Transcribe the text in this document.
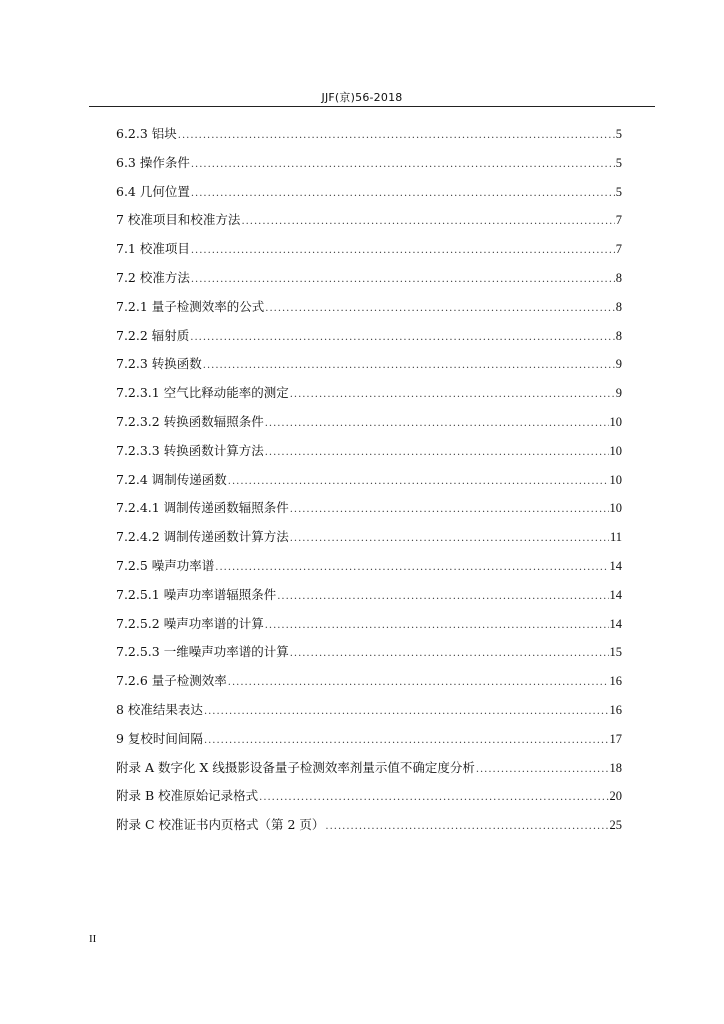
JJF(京)56-2018
6.2.3 铝块 .....	5
6.3 操作条件 .....	5
6.4 几何位置 .....	5
7 校准项目和校准方法 .....	7
7.1 校准项目 .....	7
7.2 校准方法 .....	8
7.2.1 量子检测效率的公式 .....	8
7.2.2 辐射质 .....	8
7.2.3 转换函数 .....	9
7.2.3.1 空气比释动能率的测定 .....	9
7.2.3.2 转换函数辐照条件 .....	10
7.2.3.3 转换函数计算方法 .....	10
7.2.4 调制传递函数 .....	10
7.2.4.1 调制传递函数辐照条件 .....	10
7.2.4.2 调制传递函数计算方法 .....	11
7.2.5 噪声功率谱 .....	14
7.2.5.1 噪声功率谱辐照条件 .....	14
7.2.5.2 噪声功率谱的计算 .....	14
7.2.5.3 一维噪声功率谱的计算 .....	15
7.2.6 量子检测效率 .....	16
8 校准结果表达 .....	16
9 复校时间间隔 .....	17
附录 A 数字化 X 线摄影设备量子检测效率剂量示值不确定度分析 .....	18
附录 B 校准原始记录格式 .....	20
附录 C 校准证书内页格式（第 2 页） .....	25
II
